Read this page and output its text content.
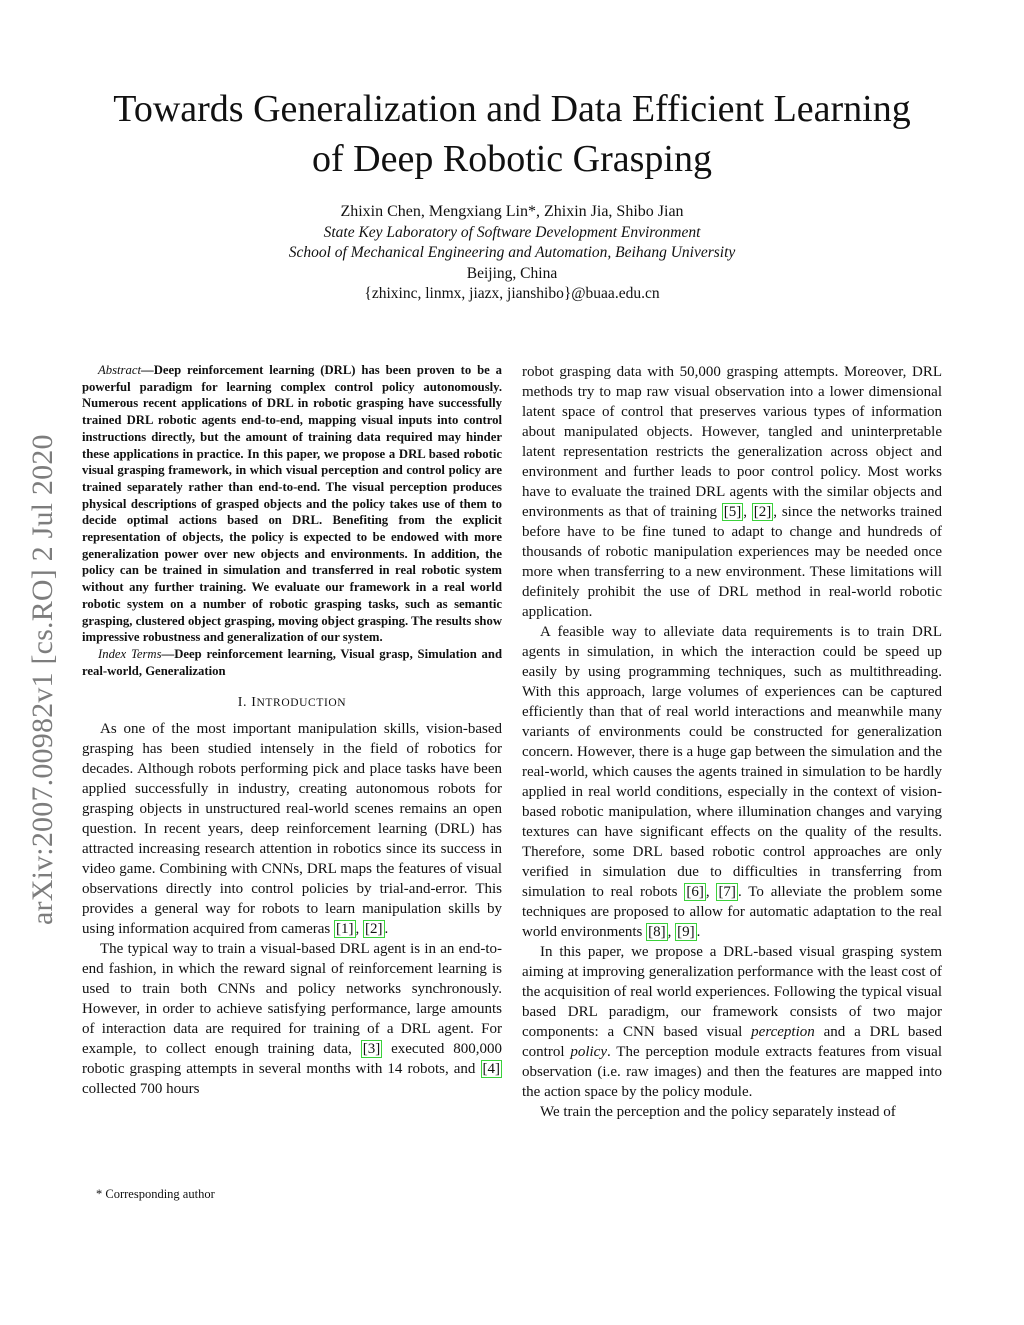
arXiv:2007.00982v1 [cs.RO] 2 Jul 2020
Towards Generalization and Data Efficient Learning
of Deep Robotic Grasping
Zhixin Chen, Mengxiang Lin*, Zhixin Jia, Shibo Jian
State Key Laboratory of Software Development Environment
School of Mechanical Engineering and Automation, Beihang University
Beijing, China
{zhixinc, linmx, jiazx, jianshibo}@buaa.edu.cn

Abstract—Deep reinforcement learning (DRL) has been proven to be a powerful paradigm for learning complex control policy autonomously. Numerous recent applications of DRL in robotic grasping have successfully trained DRL robotic agents end-to-end, mapping visual inputs into control instructions directly, but the amount of training data required may hinder these applications in practice. In this paper, we propose a DRL based robotic visual grasping framework, in which visual perception and control policy are trained separately rather than end-to-end. The visual perception produces physical descriptions of grasped objects and the policy takes use of them to decide optimal actions based on DRL. Benefiting from the explicit representation of objects, the policy is expected to be endowed with more generalization power over new objects and environments. In addition, the policy can be trained in simulation and transferred in real robotic system without any further training. We evaluate our framework in a real world robotic system on a number of robotic grasping tasks, such as semantic grasping, clustered object grasping, moving object grasping. The results show impressive robustness and generalization of our system.

Index Terms—Deep reinforcement learning, Visual grasp, Simulation and real-world, Generalization

I. INTRODUCTION

As one of the most important manipulation skills, vision-based grasping has been studied intensely in the field of robotics for decades. Although robots performing pick and place tasks have been applied successfully in industry, creating autonomous robots for grasping objects in unstructured real-world scenes remains an open question. In recent years, deep reinforcement learning (DRL) has attracted increasing research attention in robotics since its success in video game. Combining with CNNs, DRL maps the features of visual observations directly into control policies by trial-and-error. This provides a general way for robots to learn manipulation skills by using information acquired from cameras [1] , [2] .

The typical way to train a visual-based DRL agent is in an end-to-end fashion, in which the reward signal of reinforcement learning is used to train both CNNs and policy networks synchronously. However, in order to achieve satisfying performance, large amounts of interaction data are required for training of a DRL agent. For example, to collect enough training data, [3] executed 800,000 robotic grasping attempts in several months with 14 robots, and [4] collected 700 hours

robot grasping data with 50,000 grasping attempts. Moreover, DRL methods try to map raw visual observation into a lower dimensional latent space of control that preserves various types of information about manipulated objects. However, tangled and uninterpretable latent representation restricts the generalization across object and environment and further leads to poor control policy. Most works have to evaluate the trained DRL agents with the similar objects and environments as that of training [5] , [2] , since the networks trained before have to be fine tuned to adapt to change and hundreds of thousands of robotic manipulation experiences may be needed once more when transferring to a new environment. These limitations will definitely prohibit the use of DRL method in real-world robotic application.

A feasible way to alleviate data requirements is to train DRL agents in simulation, in which the interaction could be speed up easily by using programming techniques, such as multithreading. With this approach, large volumes of experiences can be captured efficiently than that of real world interactions and meanwhile many variants of environments could be constructed for generalization concern. However, there is a huge gap between the simulation and the real-world, which causes the agents trained in simulation to be hardly applied in real world conditions, especially in the context of vision-based robotic manipulation, where illumination changes and varying textures can have significant effects on the quality of the results. Therefore, some DRL based robotic control approaches are only verified in simulation due to difficulties in transferring from simulation to real robots [6] , [7] . To alleviate the problem some techniques are proposed to allow for automatic adaptation to the real world environments [8] , [9] .

In this paper, we propose a DRL-based visual grasping system aiming at improving generalization performance with the least cost of the acquisition of real world experiences. Following the typical visual based DRL paradigm, our framework consists of two major components: a CNN based visual perception and a DRL based control policy. The perception module extracts features from visual observation (i.e. raw images) and then the features are mapped into the action space by the policy module.

We train the perception and the policy separately instead of

* Corresponding author
